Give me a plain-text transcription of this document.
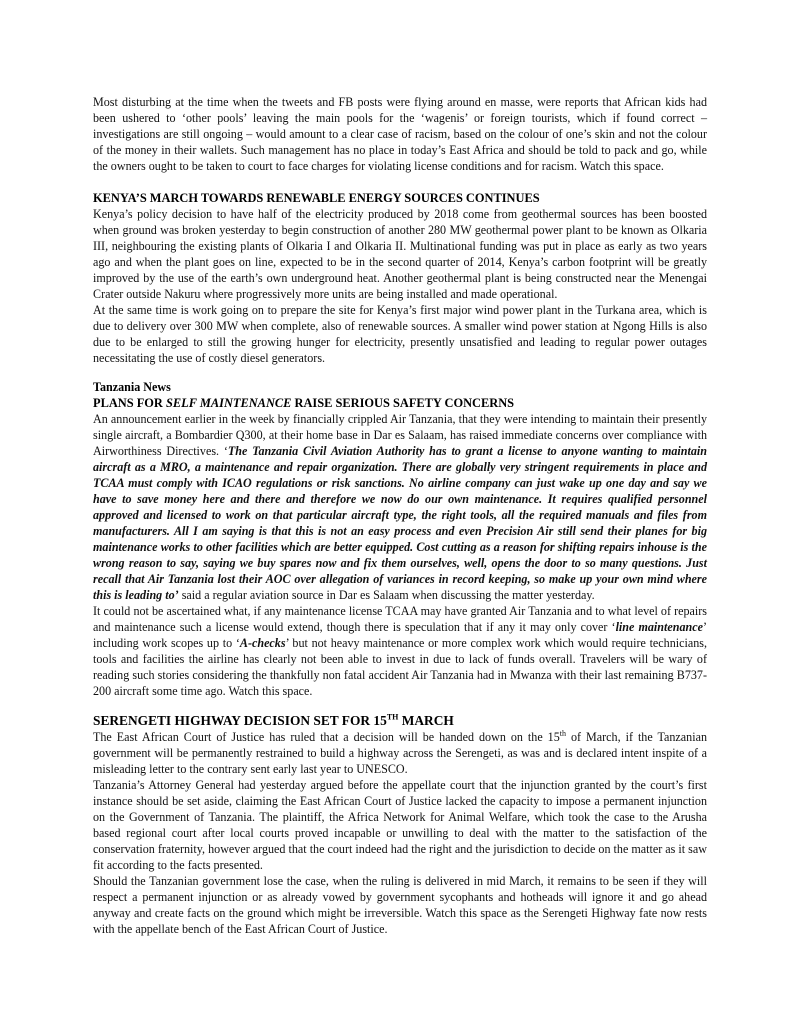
Most disturbing at the time when the tweets and FB posts were flying around en masse, were reports that African kids had been ushered to ‘other pools’ leaving the main pools for the ‘wagenis’ or foreign tourists, which if found correct – investigations are still ongoing – would amount to a clear case of racism, based on the colour of one’s skin and not the colour of the money in their wallets. Such management has no place in today’s East Africa and should be told to pack and go, while the owners ought to be taken to court to face charges for violating license conditions and for racism. Watch this space.

KENYA’S MARCH TOWARDS RENEWABLE ENERGY SOURCES CONTINUES

Kenya’s policy decision to have half of the electricity produced by 2018 come from geothermal sources has been boosted when ground was broken yesterday to begin construction of another 280 MW geothermal power plant to be known as Olkaria III, neighbouring the existing plants of Olkaria I and Olkaria II. Multinational funding was put in place as early as two years ago and when the plant goes on line, expected to be in the second quarter of 2014, Kenya’s carbon footprint will be greatly improved by the use of the earth’s own underground heat. Another geothermal plant is being constructed near the Menengai Crater outside Nakuru where progressively more units are being installed and made operational.

At the same time is work going on to prepare the site for Kenya’s first major wind power plant in the Turkana area, which is due to delivery over 300 MW when complete, also of renewable sources. A smaller wind power station at Ngong Hills is also due to be enlarged to still the growing hunger for electricity, presently unsatisfied and leading to regular power outages necessitating the use of costly diesel generators.

Tanzania News
PLANS FOR SELF MAINTENANCE RAISE SERIOUS SAFETY CONCERNS

An announcement earlier in the week by financially crippled Air Tanzania, that they were intending to maintain their presently single aircraft, a Bombardier Q300, at their home base in Dar es Salaam, has raised immediate concerns over compliance with Airworthiness Directives. ‘The Tanzania Civil Aviation Authority has to grant a license to anyone wanting to maintain aircraft as a MRO, a maintenance and repair organization. There are globally very stringent requirements in place and TCAA must comply with ICAO regulations or risk sanctions. No airline company can just wake up one day and say we have to save money here and there and therefore we now do our own maintenance. It requires qualified personnel approved and licensed to work on that particular aircraft type, the right tools, all the required manuals and files from manufacturers. All I am saying is that this is not an easy process and even Precision Air still send their planes for big maintenance works to other facilities which are better equipped. Cost cutting as a reason for shifting repairs inhouse is the wrong reason to say, saying we buy spares now and fix them ourselves, well, opens the door to so many questions. Just recall that Air Tanzania lost their AOC over allegation of variances in record keeping, so make up your own mind where this is leading to’ said a regular aviation source in Dar es Salaam when discussing the matter yesterday.

It could not be ascertained what, if any maintenance license TCAA may have granted Air Tanzania and to what level of repairs and maintenance such a license would extend, though there is speculation that if any it may only cover ‘line maintenance’ including work scopes up to ‘A-checks’ but not heavy maintenance or more complex work which would require technicians, tools and facilities the airline has clearly not been able to invest in due to lack of funds overall. Travelers will be wary of reading such stories considering the thankfully non fatal accident Air Tanzania had in Mwanza with their last remaining B737-200 aircraft some time ago. Watch this space.

SERENGETI HIGHWAY DECISION SET FOR 15TH MARCH

The East African Court of Justice has ruled that a decision will be handed down on the 15th of March, if the Tanzanian government will be permanently restrained to build a highway across the Serengeti, as was and is declared intent inspite of a misleading letter to the contrary sent early last year to UNESCO.

Tanzania’s Attorney General had yesterday argued before the appellate court that the injunction granted by the court’s first instance should be set aside, claiming the East African Court of Justice lacked the capacity to impose a permanent injunction on the Government of Tanzania. The plaintiff, the Africa Network for Animal Welfare, which took the case to the Arusha based regional court after local courts proved incapable or unwilling to deal with the matter to the satisfaction of the conservation fraternity, however argued that the court indeed had the right and the jurisdiction to decide on the matter as it saw fit according to the facts presented.

Should the Tanzanian government lose the case, when the ruling is delivered in mid March, it remains to be seen if they will respect a permanent injunction or as already vowed by government sycophants and hotheads will ignore it and go ahead anyway and create facts on the ground which might be irreversible. Watch this space as the Serengeti Highway fate now rests with the appellate bench of the East African Court of Justice.
